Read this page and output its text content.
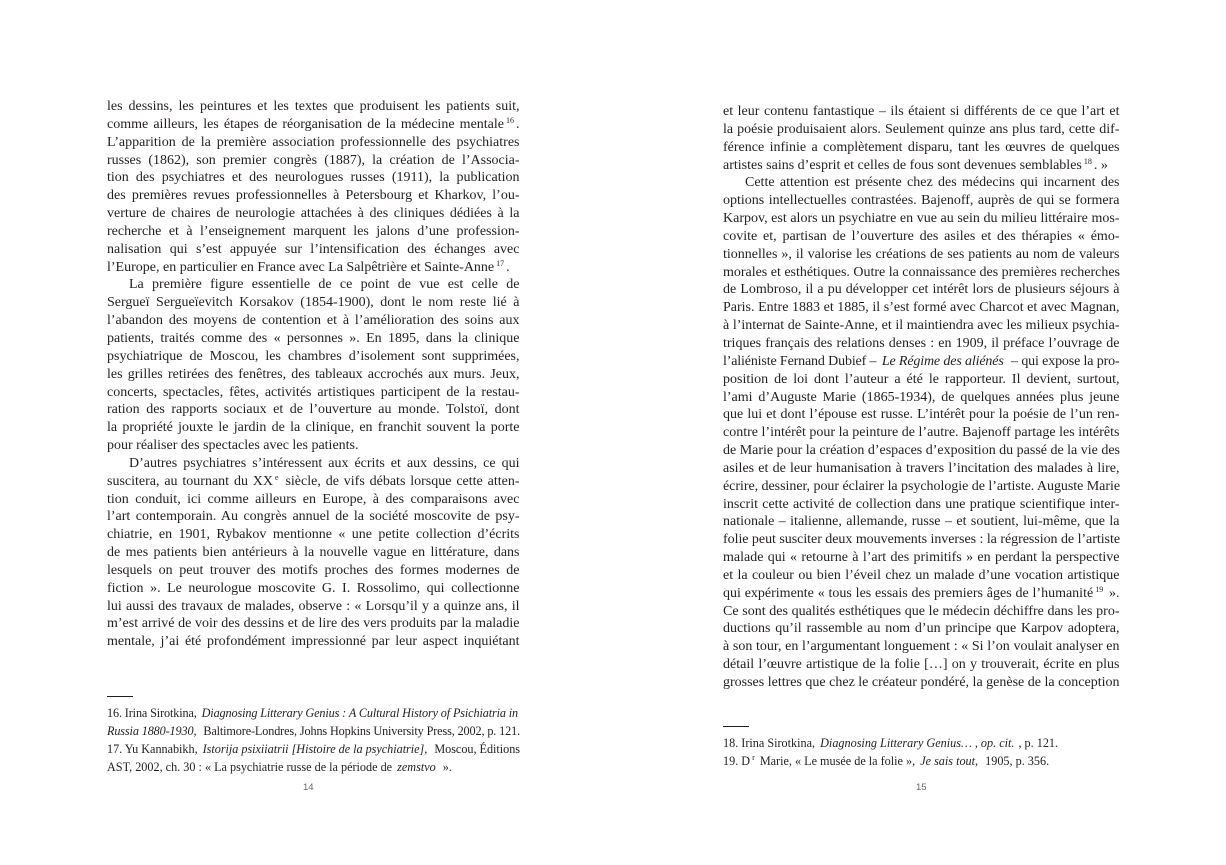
les dessins, les peintures et les textes que produisent les patients suit,
comme ailleurs, les étapes de réorganisation de la médecine mentale $^{16}$ .
L’apparition de la première association professionnelle des psychiatres
russes (1862), son premier congrès (1887), la création de l’Associa-
tion des psychiatres et des neurologues russes (1911), la publication
des premières revues professionnelles à Petersbourg et Kharkov, l’ou-
verture de chaires de neurologie attachées à des cliniques dédiées à la
recherche et à l’enseignement marquent les jalons d’une profession-
nalisation qui s’est appuyée sur l’intensification des échanges avec
l’Europe, en particulier en France avec La Salpêtrière et Sainte-Anne $^{17}$ .
La première figure essentielle de ce point de vue est celle de
Sergueï Sergueïevitch Korsakov (1854-1900), dont le nom reste lié à
l’abandon des moyens de contention et à l’amélioration des soins aux
patients, traités comme des « personnes ». En 1895, dans la clinique
psychiatrique de Moscou, les chambres d’isolement sont supprimées,
les grilles retirées des fenêtres, des tableaux accrochés aux murs. Jeux,
concerts, spectacles, fêtes, activités artistiques participent de la restau-
ration des rapports sociaux et de l’ouverture au monde. Tolstoï, dont
la propriété jouxte le jardin de la clinique, en franchit souvent la porte
pour réaliser des spectacles avec les patients.
D’autres psychiatres s’intéressent aux écrits et aux dessins, ce qui
suscitera, au tournant du XX $^e$ siècle, de vifs débats lorsque cette atten-
tion conduit, ici comme ailleurs en Europe, à des comparaisons avec
l’art contemporain. Au congrès annuel de la société moscovite de psy-
chiatrie, en 1901, Rybakov mentionne « une petite collection d’écrits
de mes patients bien antérieurs à la nouvelle vague en littérature, dans
lesquels on peut trouver des motifs proches des formes modernes de
fiction ». Le neurologue moscovite G. I. Rossolimo, qui collectionne
lui aussi des travaux de malades, observe : « Lorsqu’il y a quinze ans, il
m’est arrivé de voir des dessins et de lire des vers produits par la maladie
mentale, j’ai été profondément impressionné par leur aspect inquiétant
16. Irina Sirotkina, Diagnosing Litterary Genius : A Cultural History of Psichiatria in
Russia 1880-1930, Baltimore-Londres, Johns Hopkins University Press, 2002, p. 121.
17. Yu Kannabikh, Istorija psixiiatrii [Histoire de la psychiatrie], Moscou, Éditions
AST, 2002, ch. 30 : « La psychiatrie russe de la période de zemstvo ».
14
et leur contenu fantastique – ils étaient si différents de ce que l’art et
la poésie produisaient alors. Seulement quinze ans plus tard, cette dif-
férence infinie a complètement disparu, tant les œuvres de quelques
artistes sains d’esprit et celles de fous sont devenues semblables $^{18}$ . »
Cette attention est présente chez des médecins qui incarnent des
options intellectuelles contrastées. Bajenoff, auprès de qui se formera
Karpov, est alors un psychiatre en vue au sein du milieu littéraire mos-
covite et, partisan de l’ouverture des asiles et des thérapies « émo-
tionnelles », il valorise les créations de ses patients au nom de valeurs
morales et esthétiques. Outre la connaissance des premières recherches
de Lombroso, il a pu développer cet intérêt lors de plusieurs séjours à
Paris. Entre 1883 et 1885, il s’est formé avec Charcot et avec Magnan,
à l’internat de Sainte-Anne, et il maintiendra avec les milieux psychia-
triques français des relations denses : en 1909, il préface l’ouvrage de
l’aliéniste Fernand Dubief – Le Régime des aliénés – qui expose la pro-
position de loi dont l’auteur a été le rapporteur. Il devient, surtout,
l’ami d’Auguste Marie (1865-1934), de quelques années plus jeune
que lui et dont l’épouse est russe. L’intérêt pour la poésie de l’un ren-
contre l’intérêt pour la peinture de l’autre. Bajenoff partage les intérêts
de Marie pour la création d’espaces d’exposition du passé de la vie des
asiles et de leur humanisation à travers l’incitation des malades à lire,
écrire, dessiner, pour éclairer la psychologie de l’artiste. Auguste Marie
inscrit cette activité de collection dans une pratique scientifique inter-
nationale – italienne, allemande, russe – et soutient, lui-même, que la
folie peut susciter deux mouvements inverses : la régression de l’artiste
malade qui « retourne à l’art des primitifs » en perdant la perspective
et la couleur ou bien l’éveil chez un malade d’une vocation artistique
qui expérimente « tous les essais des premiers âges de l’humanité $^{19}$ ».
Ce sont des qualités esthétiques que le médecin déchiffre dans les pro-
ductions qu’il rassemble au nom d’un principe que Karpov adoptera,
à son tour, en l’argumentant longuement : « Si l’on voulait analyser en
détail l’œuvre artistique de la folie […] on y trouverait, écrite en plus
grosses lettres que chez le créateur pondéré, la genèse de la conception
18. Irina Sirotkina, Diagnosing Litterary Genius… , op. cit. , p. 121.
19. D $^r$ Marie, « Le musée de la folie », Je sais tout, 1905, p. 356.
15
